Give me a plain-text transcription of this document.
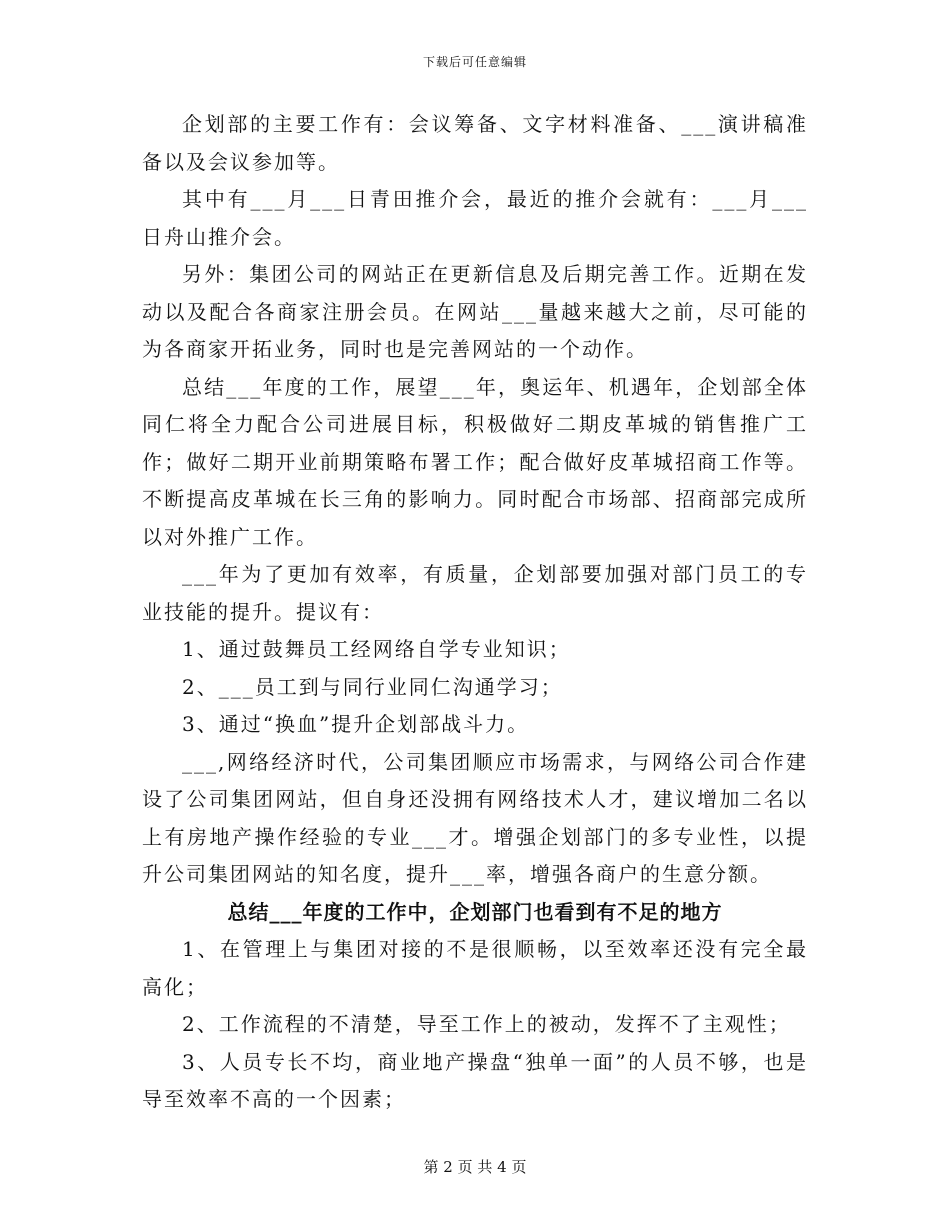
下载后可任意编辑

企划部的主要工作有：会议筹备、文字材料准备、___演讲稿准备以及会议参加等。

其中有___月___日青田推介会，最近的推介会就有：___月___日舟山推介会。

另外：集团公司的网站正在更新信息及后期完善工作。近期在发动以及配合各商家注册会员。在网站___量越来越大之前，尽可能的为各商家开拓业务，同时也是完善网站的一个动作。

总结___年度的工作，展望___年，奥运年、机遇年，企划部全体同仁将全力配合公司进展目标，积极做好二期皮革城的销售推广工作；做好二期开业前期策略布署工作；配合做好皮革城招商工作等。不断提高皮革城在长三角的影响力。同时配合市场部、招商部完成所以对外推广工作。

___年为了更加有效率，有质量，企划部要加强对部门员工的专业技能的提升。提议有：

1、通过鼓舞员工经网络自学专业知识；

2、___员工到与同行业同仁沟通学习；

3、通过“换血”提升企划部战斗力。

___,网络经济时代，公司集团顺应市场需求，与网络公司合作建设了公司集团网站，但自身还没拥有网络技术人才，建议增加二名以上有房地产操作经验的专业___才。增强企划部门的多专业性，以提升公司集团网站的知名度，提升___率，增强各商户的生意分额。

总结___年度的工作中，企划部门也看到有不足的地方

1、在管理上与集团对接的不是很顺畅，以至效率还没有完全最高化；

2、工作流程的不清楚，导至工作上的被动，发挥不了主观性；

3、人员专长不均，商业地产操盘“独单一面”的人员不够，也是导至效率不高的一个因素；

第 2 页 共 4 页
